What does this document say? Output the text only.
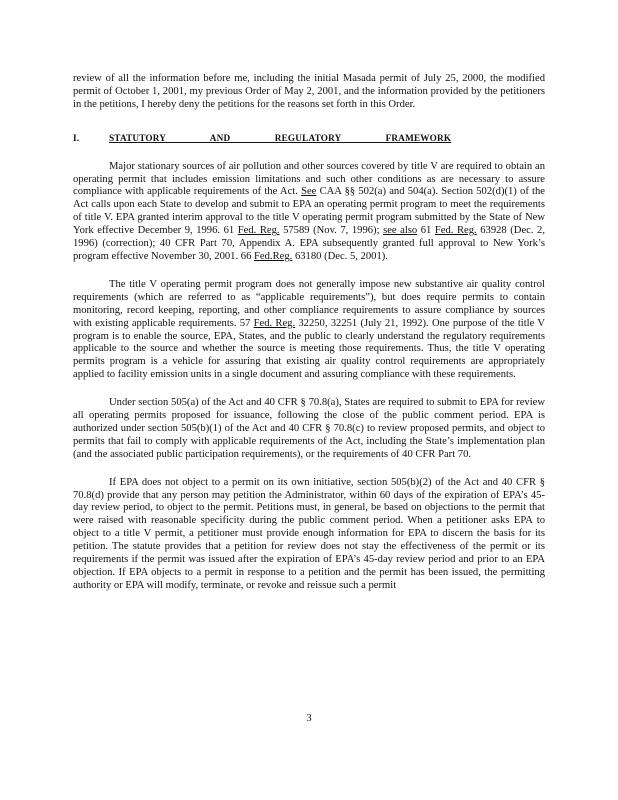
review of all the information before me, including the initial Masada permit of July 25, 2000, the modified permit of October 1, 2001, my previous Order of May 2, 2001, and the information provided by the petitioners in the petitions, I hereby deny the petitions for the reasons set forth in this Order.

I.	STATUTORY AND REGULATORY FRAMEWORK

Major stationary sources of air pollution and other sources covered by title V are required to obtain an operating permit that includes emission limitations and such other conditions as are necessary to assure compliance with applicable requirements of the Act. See CAA §§ 502(a) and 504(a). Section 502(d)(1) of the Act calls upon each State to develop and submit to EPA an operating permit program to meet the requirements of title V. EPA granted interim approval to the title V operating permit program submitted by the State of New York effective December 9, 1996. 61 Fed. Reg. 57589 (Nov. 7, 1996); see also 61 Fed. Reg. 63928 (Dec. 2, 1996) (correction); 40 CFR Part 70, Appendix A. EPA subsequently granted full approval to New York’s program effective November 30, 2001. 66 Fed.Reg. 63180 (Dec. 5, 2001).

The title V operating permit program does not generally impose new substantive air quality control requirements (which are referred to as “applicable requirements”), but does require permits to contain monitoring, record keeping, reporting, and other compliance requirements to assure compliance by sources with existing applicable requirements. 57 Fed. Reg. 32250, 32251 (July 21, 1992). One purpose of the title V program is to enable the source, EPA, States, and the public to clearly understand the regulatory requirements applicable to the source and whether the source is meeting those requirements. Thus, the title V operating permits program is a vehicle for assuring that existing air quality control requirements are appropriately applied to facility emission units in a single document and assuring compliance with these requirements.

Under section 505(a) of the Act and 40 CFR § 70.8(a), States are required to submit to EPA for review all operating permits proposed for issuance, following the close of the public comment period. EPA is authorized under section 505(b)(1) of the Act and 40 CFR § 70.8(c) to review proposed permits, and object to permits that fail to comply with applicable requirements of the Act, including the State’s implementation plan (and the associated public participation requirements), or the requirements of 40 CFR Part 70.

If EPA does not object to a permit on its own initiative, section 505(b)(2) of the Act and 40 CFR § 70.8(d) provide that any person may petition the Administrator, within 60 days of the expiration of EPA’s 45-day review period, to object to the permit. Petitions must, in general, be based on objections to the permit that were raised with reasonable specificity during the public comment period. When a petitioner asks EPA to object to a title V permit, a petitioner must provide enough information for EPA to discern the basis for its petition. The statute provides that a petition for review does not stay the effectiveness of the permit or its requirements if the permit was issued after the expiration of EPA’s 45-day review period and prior to an EPA objection. If EPA objects to a permit in response to a petition and the permit has been issued, the permitting authority or EPA will modify, terminate, or revoke and reissue such a permit

3
